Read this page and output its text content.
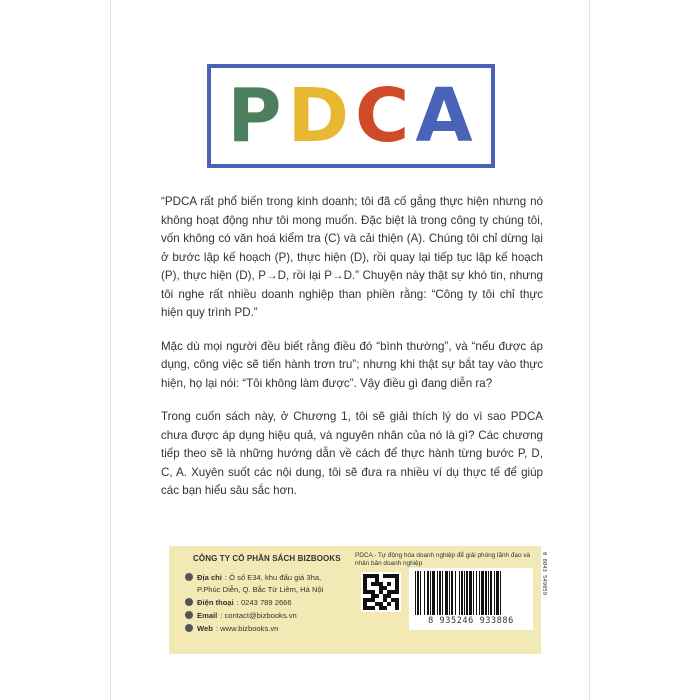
P D C A

“PDCA rất phổ biến trong kinh doanh; tôi đã cố gắng thực hiện nhưng nó không hoạt động như tôi mong muốn. Đặc biệt là trong công ty chúng tôi, vốn không có văn hoá kiểm tra (C) và cải thiện (A). Chúng tôi chỉ dừng lại ở bước lập kế hoạch (P), thực hiện (D), rồi quay lại tiếp tục lập kế hoạch (P), thực hiện (D), P→D, rồi lại P→D.” Chuyện này thật sự khó tin, nhưng tôi nghe rất nhiều doanh nghiệp than phiền rằng: “Công ty tôi chỉ thực hiện quy trình PD.”

Mặc dù mọi người đều biết rằng điều đó “bình thường”, và “nếu được áp dụng, công việc sẽ tiến hành trơn tru”; nhưng khi thật sự bắt tay vào thực hiện, họ lại nói: “Tôi không làm được”. Vậy điều gì đang diễn ra?

Trong cuốn sách này, ở Chương 1, tôi sẽ giải thích lý do vì sao PDCA chưa được áp dụng hiệu quả, và nguyên nhân của nó là gì? Các chương tiếp theo sẽ là những hướng dẫn về cách để thực hành từng bước P, D, C, A. Xuyên suốt các nội dung, tôi sẽ đưa ra nhiều ví dụ thực tế để giúp các bạn hiểu sâu sắc hơn.

CÔNG TY CỔ PHẦN SÁCH BIZBOOKS PDCA - Tự động hóa doanh nghiệp để giải phóng lãnh đạo và nhân bản doanh nghiệp
Địa chỉ : Ô số E34, khu đấu giá 3ha,
P.Phúc Diễn, Q. Bắc Từ Liêm, Hà Nội
Điện thoại : 0243 789 2666
Email : contact@bizbooks.vn
Web : www.bizbooks.vn
8 935246 933886
0 8043 549059
